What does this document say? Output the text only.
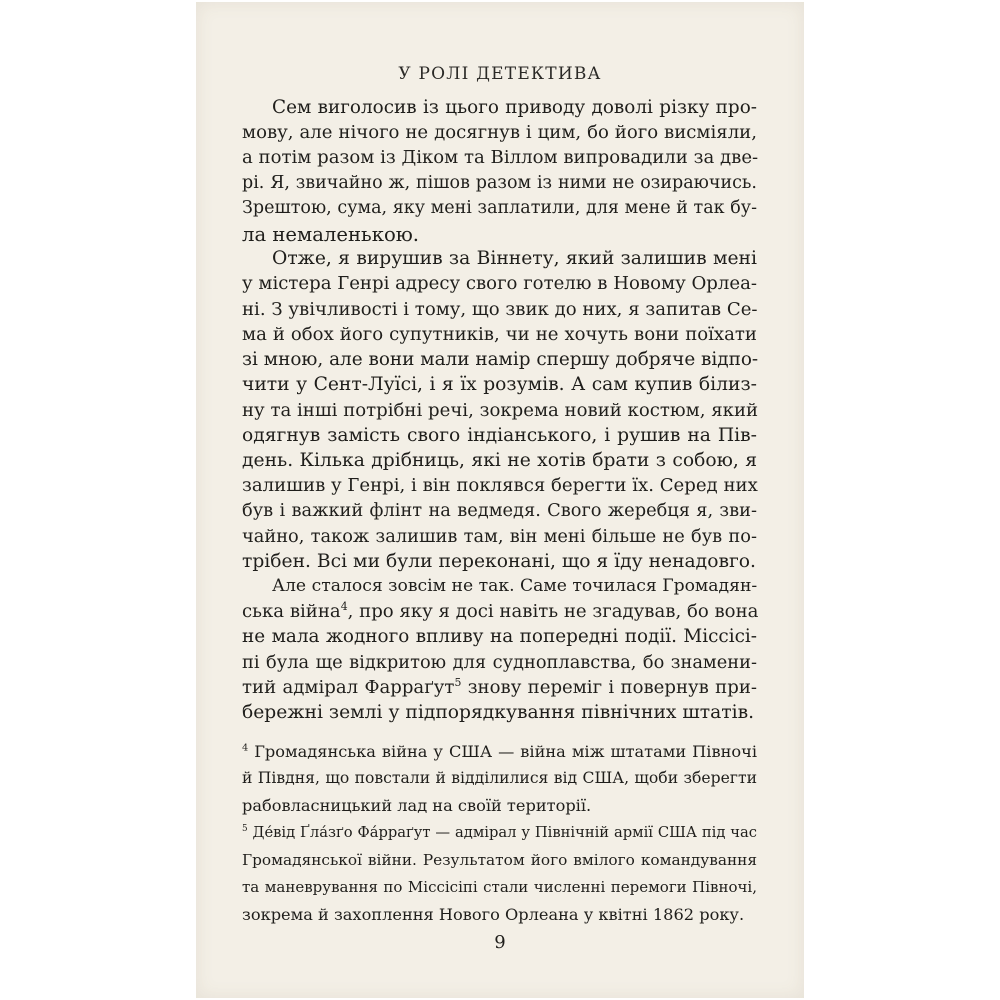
У РОЛІ ДЕТЕКТИВА
Сем виголосив із цього приводу доволі різку про-
мову, але нічого не досягнув і цим, бо його висміяли,
а потім разом із Діком та Віллом випровадили за две-
рі. Я, звичайно ж, пішов разом із ними не озираючись.
Зрештою, сума, яку мені заплатили, для мене й так бу-
ла немаленькою.
Отже, я вирушив за Віннету, який залишив мені
у містера Генрі адресу свого готелю в Новому Орлеа-
ні. З увічливості і тому, що звик до них, я запитав Се-
ма й обох його супутників, чи не хочуть вони поїхати
зі мною, але вони мали намір спершу добряче відпо-
чити у Сент-Луїсі, і я їх розумів. А сам купив білиз-
ну та інші потрібні речі, зокрема новий костюм, який
одягнув замість свого індіанського, і рушив на Пів-
день. Кілька дрібниць, які не хотів брати з собою, я
залишив у Генрі, і він поклявся берегти їх. Серед них
був і важкий флінт на ведмедя. Свого жеребця я, зви-
чайно, також залишив там, він мені більше не був по-
трібен. Всі ми були переконані, що я їду ненадовго.
Але сталося зовсім не так. Саме точилася Громадян-
ська війна$^4$, про яку я досі навіть не згадував, бо вона
не мала жодного впливу на попередні події. Міссісі-
пі була ще відкритою для судноплавства, бо знамени-
тий адмірал Фарраґут$^5$ знову переміг і повернув при-
бережні землі у підпорядкування північних штатів.
$^4$ Громадянська війна у США — війна між штатами Півночі
й Півдня, що повстали й відділилися від США, щоби зберегти
рабовласницький лад на своїй території.
$^5$ Де́від Ґла́зґо Фа́рраґут — адмірал у Північній армії США під час
Громадянської війни. Результатом його вмілого командування
та маневрування по Міссісіпі стали численні перемоги Півночі,
зокрема й захоплення Нового Орлеана у квітні 1862 року.
9
